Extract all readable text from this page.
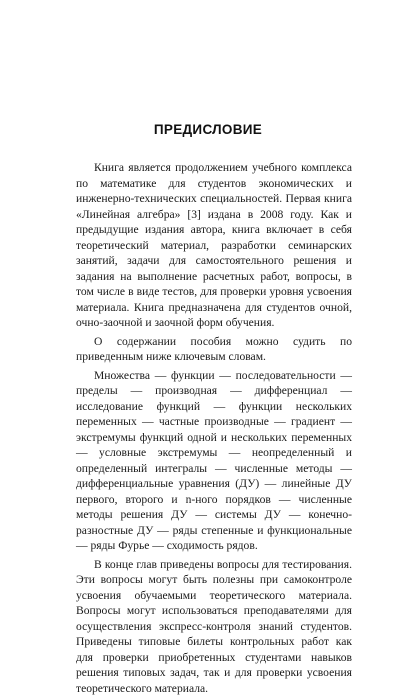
ПРЕДИСЛОВИЕ

Книга является продолжением учебного комплекса по математике для студентов экономических и инженерно-технических специальностей. Первая книга «Линейная алгебра» [3] издана в 2008 году. Как и предыдущие издания автора, книга включает в себя теоретический материал, разработки семинарских занятий, задачи для самостоятельного решения и задания на выполнение расчетных работ, вопросы, в том числе в виде тестов, для проверки уровня усвоения материала. Книга предназначена для студентов очной, очно-заочной и заочной форм обучения.

О содержании пособия можно судить по приведенным ниже ключевым словам.

Множества — функции — последовательности — пределы — производная — дифференциал — исследование функций — функции нескольких переменных — частные производные — градиент — экстремумы функций одной и нескольких переменных — условные экстремумы — неопределенный и определенный интегралы — численные методы — дифференциальные уравнения (ДУ) — линейные ДУ первого, второго и n-ного порядков — численные методы решения ДУ — системы ДУ — конечно-разностные ДУ — ряды степенные и функциональные — ряды Фурье — сходимость рядов.

В конце глав приведены вопросы для тестирования. Эти вопросы могут быть полезны при самоконтроле усвоения обучаемыми теоретического материала. Вопросы могут использоваться преподавателями для осуществления экспресс-контроля знаний студентов. Приведены типовые билеты контрольных работ как для проверки приобретенных студентами навыков решения типовых задач, так и для проверки усвоения теоретического материала.
